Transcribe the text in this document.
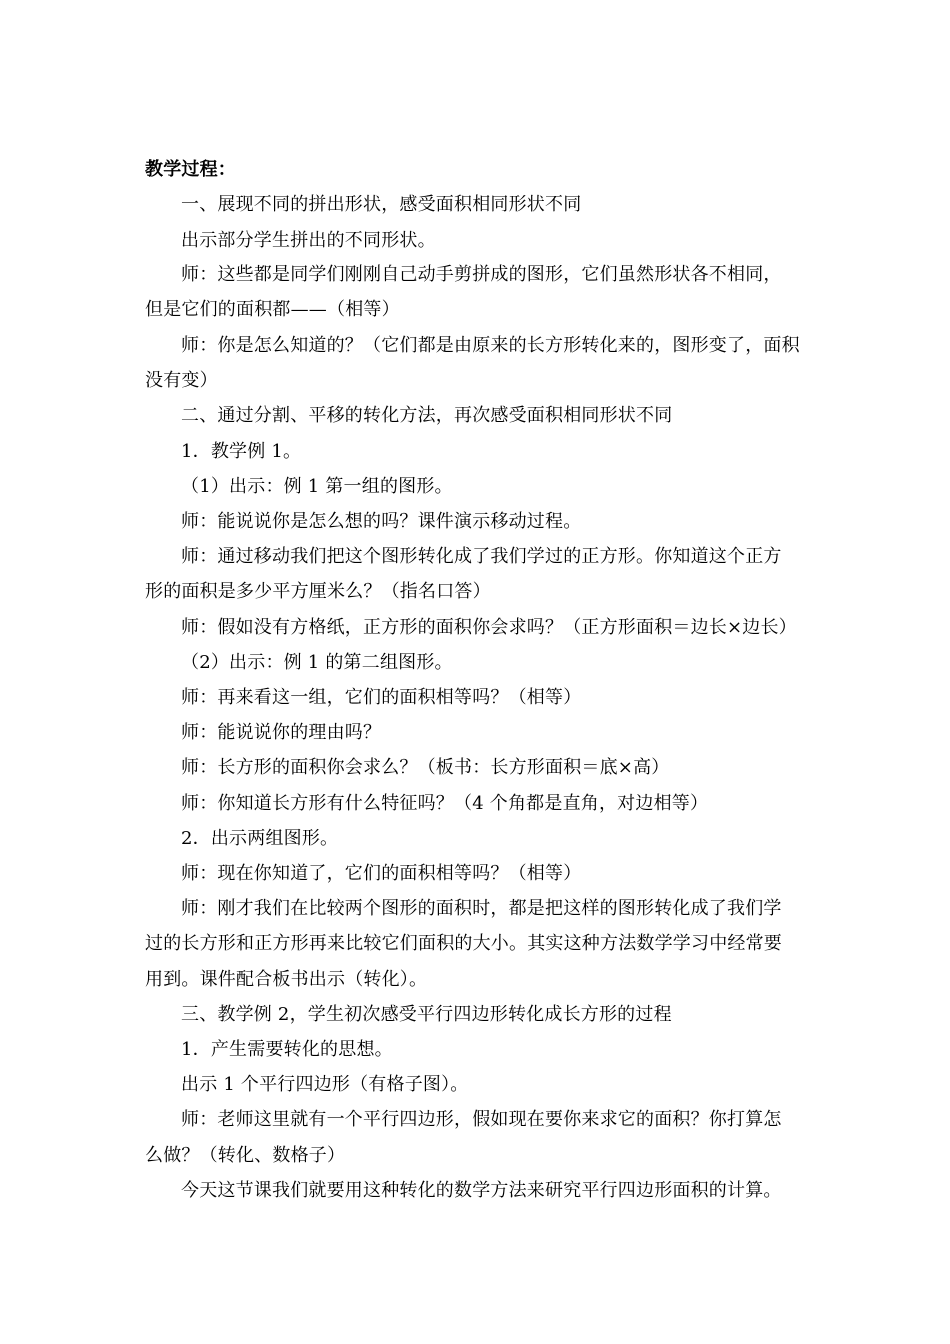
教学过程：
一、展现不同的拼出形状，感受面积相同形状不同
出示部分学生拼出的不同形状。
师：这些都是同学们刚刚自己动手剪拼成的图形，它们虽然形状各不相同，
但是它们的面积都——（相等）
师：你是怎么知道的？（它们都是由原来的长方形转化来的，图形变了，面积
没有变）
二、通过分割、平移的转化方法，再次感受面积相同形状不同
1．教学例 1。
（1）出示：例 1 第一组的图形。
师：能说说你是怎么想的吗？课件演示移动过程。
师：通过移动我们把这个图形转化成了我们学过的正方形。你知道这个正方
形的面积是多少平方厘米么？（指名口答）
师：假如没有方格纸，正方形的面积你会求吗？（正方形面积＝边长×边长）
（2）出示：例 1 的第二组图形。
师：再来看这一组，它们的面积相等吗？（相等）
师：能说说你的理由吗？
师：长方形的面积你会求么？（板书：长方形面积＝底×高）
师：你知道长方形有什么特征吗？（4 个角都是直角，对边相等）
2．出示两组图形。
师：现在你知道了，它们的面积相等吗？（相等）
师：刚才我们在比较两个图形的面积时，都是把这样的图形转化成了我们学
过的长方形和正方形再来比较它们面积的大小。其实这种方法数学学习中经常要
用到。课件配合板书出示（转化）。
三、教学例 2，学生初次感受平行四边形转化成长方形的过程
1．产生需要转化的思想。
出示 1 个平行四边形（有格子图）。
师：老师这里就有一个平行四边形，假如现在要你来求它的面积？你打算怎
么做？（转化、数格子）
今天这节课我们就要用这种转化的数学方法来研究平行四边形面积的计算。
